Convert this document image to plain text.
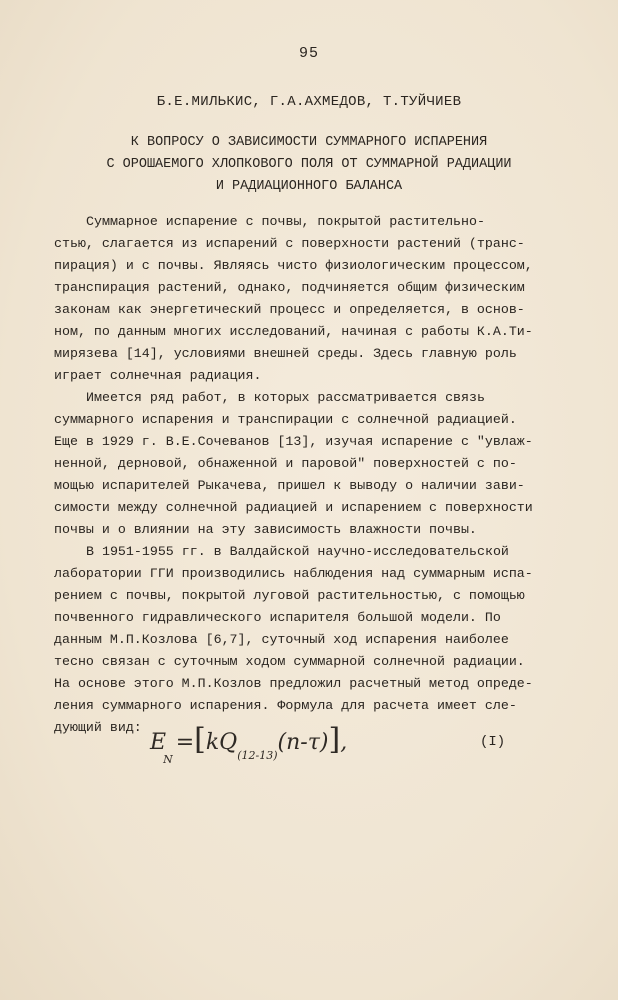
95
Б.Е.МИЛЬКИС, Г.А.АХМЕДОВ, Т.ТУЙЧИЕВ
К ВОПРОСУ О ЗАВИСИМОСТИ СУММАРНОГО ИСПАРЕНИЯ
С ОРОШАЕМОГО ХЛОПКОВОГО ПОЛЯ ОТ СУММАРНОЙ РАДИАЦИИ
И РАДИАЦИОННОГО БАЛАНСА
Суммарное испарение с почвы, покрытой растительно-
стью, слагается из испарений с поверхности растений (транс-
пирация) и с почвы. Являясь чисто физиологическим процессом,
транспирация растений, однако, подчиняется общим физическим
законам как энергетический процесс и определяется, в основ-
ном, по данным многих исследований, начиная с работы К.А.Ти-
мирязева [14], условиями внешней среды. Здесь главную роль
играет солнечная радиация.
Имеется ряд работ, в которых рассматривается связь
суммарного испарения и транспирации с солнечной радиацией.
Еще в 1929 г. В.Е.Сочеванов [13], изучая испарение с "увлаж-
ненной, дерновой, обнаженной и паровой" поверхностей с по-
мощью испарителей Рыкачева, пришел к выводу о наличии зави-
симости между солнечной радиацией и испарением с поверхности
почвы и о влиянии на эту зависимость влажности почвы.
В 1951-1955 гг. в Валдайской научно-исследовательской
лаборатории ГГИ производились наблюдения над суммарным испа-
рением с почвы, покрытой луговой растительностью, с помощью
почвенного гидравлического испарителя большой модели. По
данным М.П.Козлова [6,7], суточный ход испарения наиболее
тесно связан с суточным ходом суммарной солнечной радиации.
На основе этого М.П.Козлов предложил расчетный метод опреде-
ления суммарного испарения. Формула для расчета имеет сле-
дующий вид:
$E_N=[kQ_{(12-13)}(n-\tau)]$,	(I)
